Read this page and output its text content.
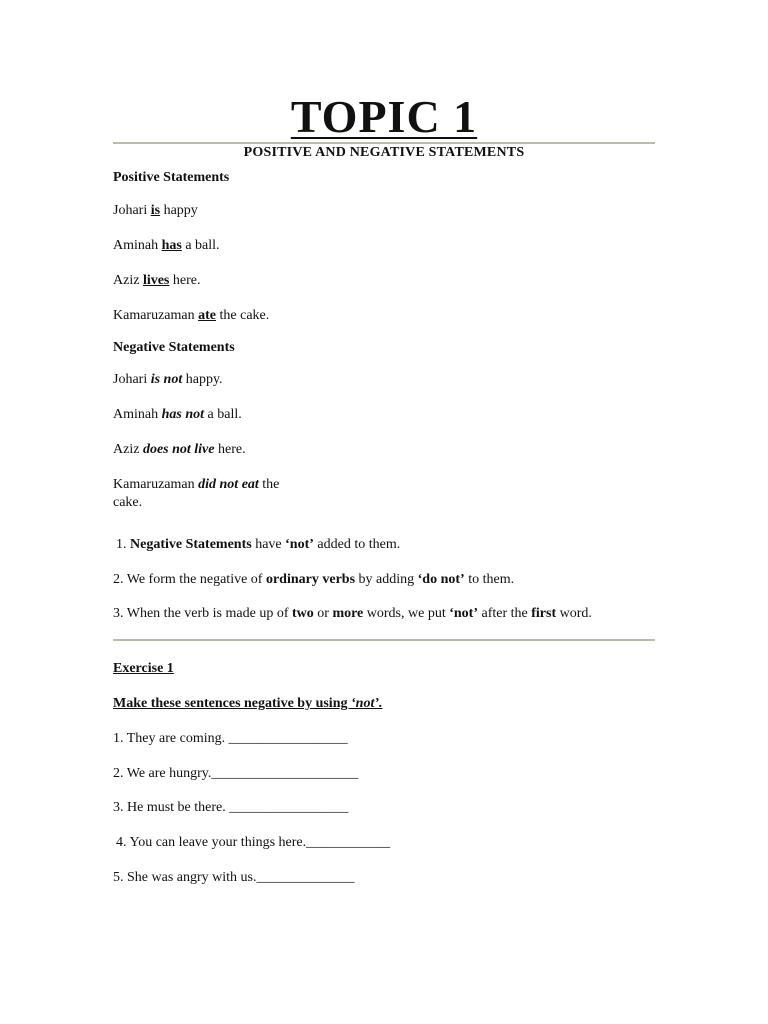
TOPIC 1
POSITIVE AND NEGATIVE STATEMENTS
Positive Statements
Johari is happy
Aminah has a ball.
Aziz lives here.
Kamaruzaman ate the cake.
Negative Statements
Johari is not happy.
Aminah has not a ball.
Aziz does not live here.
Kamaruzaman did not eat the
cake.
1. Negative Statements have ‘not’ added to them.
2. We form the negative of ordinary verbs by adding ‘do not’ to them.
3. When the verb is made up of two or more words, we put ‘not’ after the first word.
Exercise 1
Make these sentences negative by using ‘not’.
1. They are coming. _________________
2. We are hungry._____________________
3. He must be there. _________________
4. You can leave your things here.____________
5. She was angry with us.______________
